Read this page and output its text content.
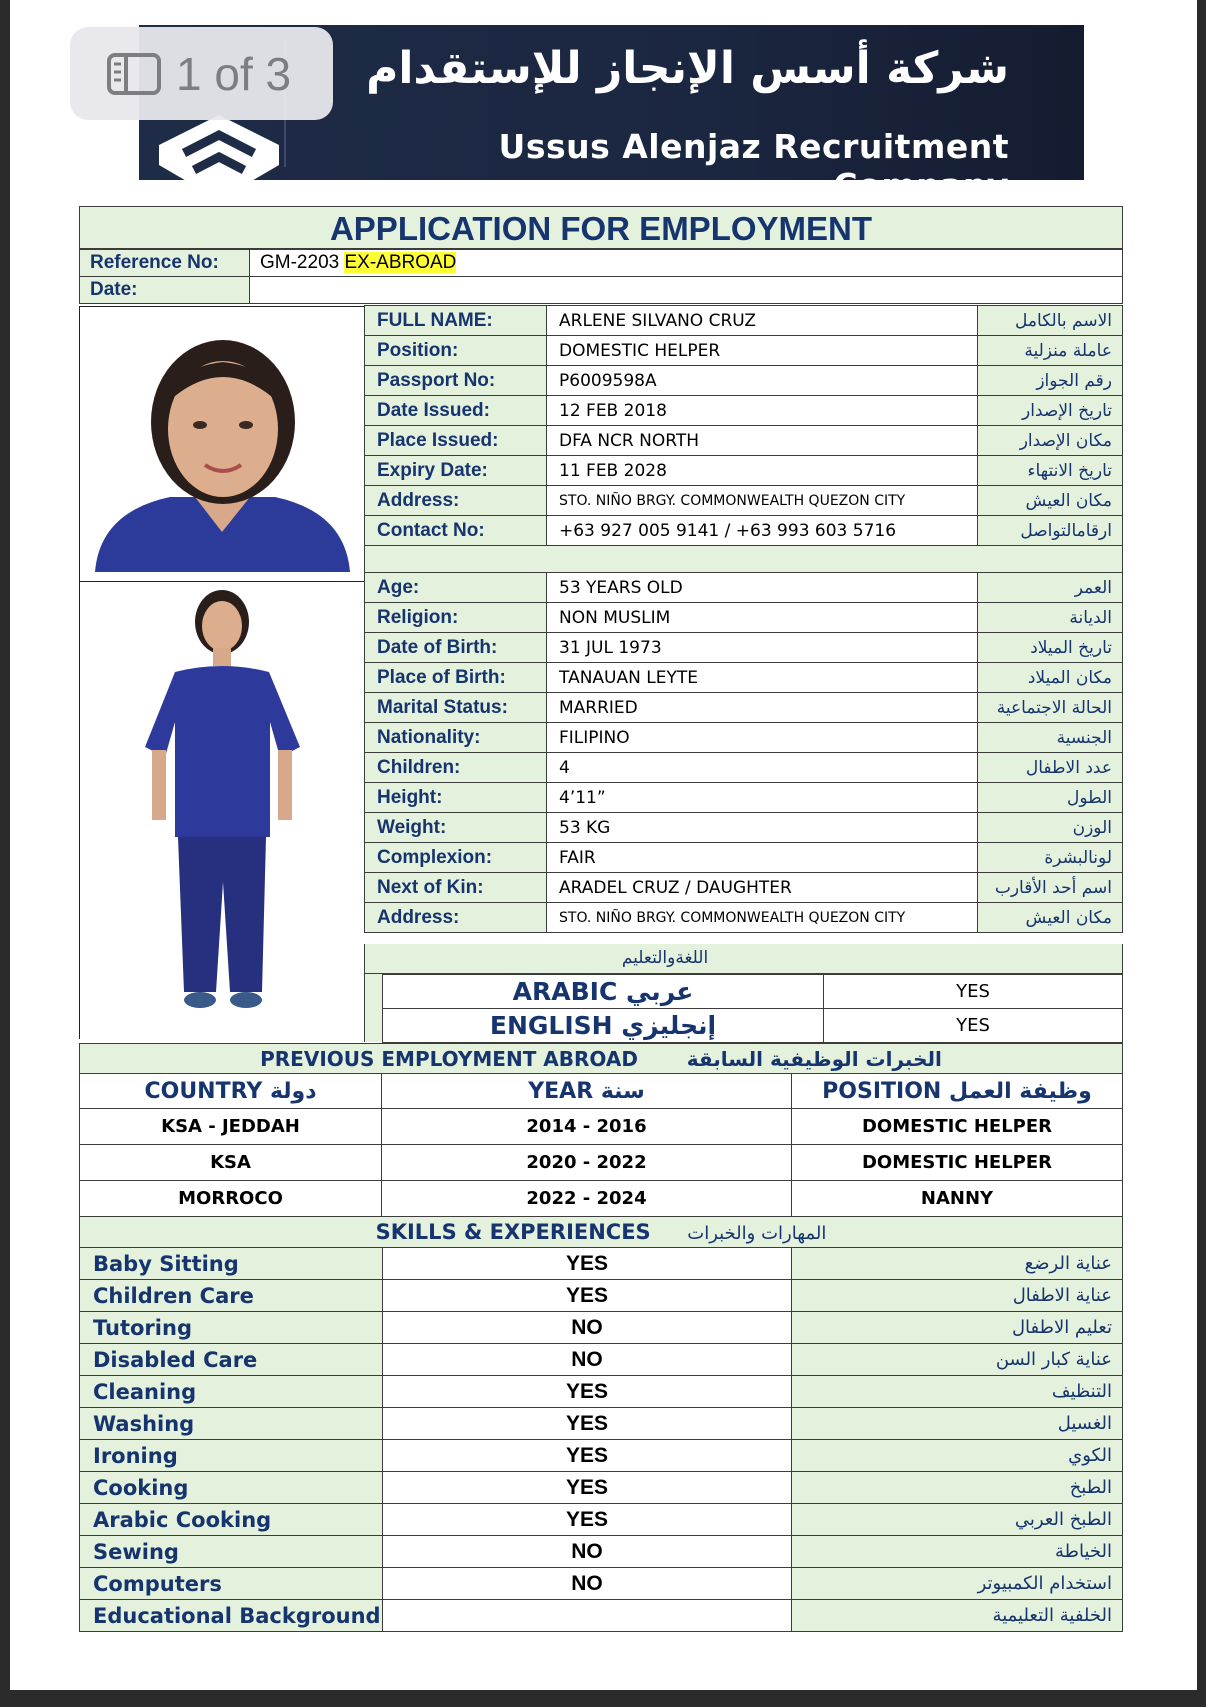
شركة أسس الإنجاز للإستقدام
Ussus Alenjaz Recruitment Company
1 of 3
APPLICATION FOR EMPLOYMENT
Reference No:	GM-2203 EX-ABROAD
Date:	
FULL NAME:	ARLENE SILVANO CRUZ	الاسم بالكامل
Position:	DOMESTIC HELPER	عاملة منزلية
Passport No:	P6009598A	رقم الجواز
Date Issued:	12 FEB 2018	تاريخ الإصدار
Place Issued:	DFA NCR NORTH	مكان الإصدار
Expiry Date:	11 FEB 2028	تاريخ الانتهاء
Address:	STO. NIÑO BRGY. COMMONWEALTH QUEZON CITY	مكان العيش
Contact No:	+63 927 005 9141 / +63 993 603 5716	ارقامالتواصل

Age:	53 YEARS OLD	العمر
Religion:	NON MUSLIM	الديانة
Date of Birth:	31 JUL 1973	تاريخ الميلاد
Place of Birth:	TANAUAN LEYTE	مكان الميلاد
Marital Status:	MARRIED	الحالة الاجتماعية
Nationality:	FILIPINO	الجنسية
Children:	4	عدد الاطفال
Height:	4’11”	الطول
Weight:	53 KG	الوزن
Complexion:	FAIR	لونالبشرة
Next of Kin:	ARADEL CRUZ / DAUGHTER	اسم أحد الأقارب
Address:	STO. NIÑO BRGY. COMMONWEALTH QUEZON CITY	مكان العيش
اللغةوالتعليم
ARABIC عربي	YES
ENGLISH إنجليزي	YES
PREVIOUS EMPLOYMENT ABROAD الخبرات الوظيفية السابقة		
COUNTRY دولة	YEAR سنة	POSITION وظيفة العمل
KSA - JEDDAH	2014 - 2016	DOMESTIC HELPER
KSA	2020 - 2022	DOMESTIC HELPER
MORROCO	2022 - 2024	NANNY
SKILLS & EXPERIENCES المهارات والخبرات		
Baby Sitting	YES	عناية الرضع
Children Care	YES	عناية الاطفال
Tutoring	NO	تعليم الاطفال
Disabled Care	NO	عناية كبار السن
Cleaning	YES	التنظيف
Washing	YES	الغسيل
Ironing	YES	الكوي
Cooking	YES	الطبخ
Arabic Cooking	YES	الطبخ العربي
Sewing	NO	الخياطة
Computers	NO	استخدام الكمبيوتر
Educational Background		الخلفية التعليمية
